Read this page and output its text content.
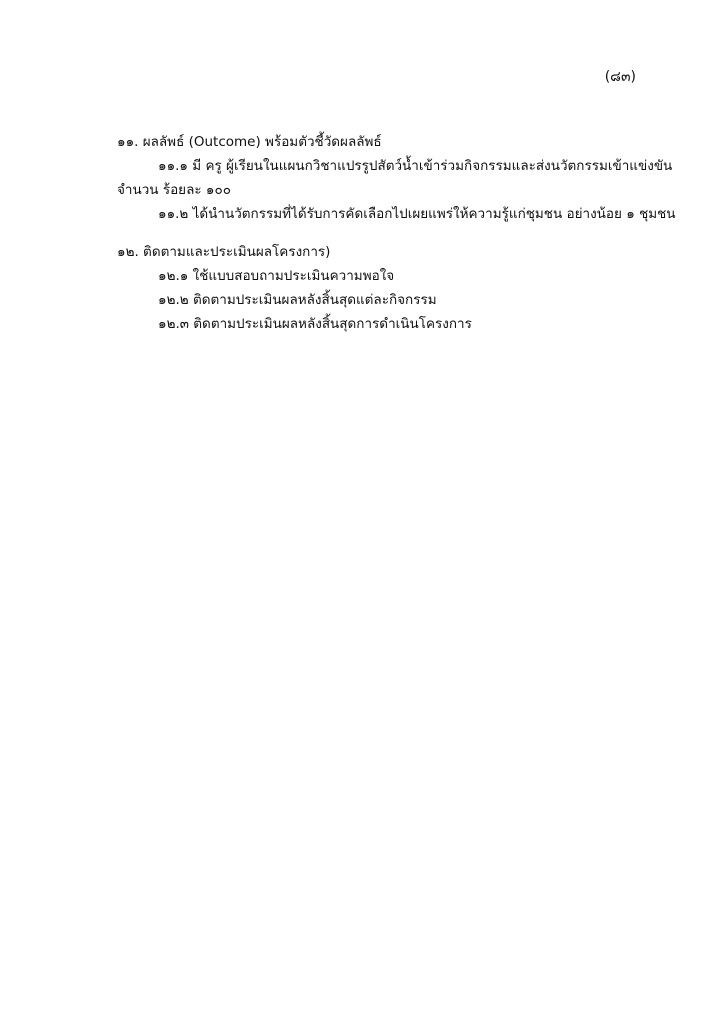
(๘๓)
๑๑. ผลลัพธ์ (Outcome) พร้อมตัวชี้วัดผลลัพธ์
๑๑.๑ มี ครู ผู้เรียนในแผนกวิชาแปรรูปสัตว์น้ำเข้าร่วมกิจกรรมและส่งนวัตกรรมเข้าแข่งขัน
จำนวน ร้อยละ ๑๐๐
๑๑.๒ ได้นำนวัตกรรมที่ได้รับการคัดเลือกไปเผยแพร่ให้ความรู้แก่ชุมชน อย่างน้อย ๑ ชุมชน
๑๒. ติดตามและประเมินผลโครงการ)
๑๒.๑ ใช้แบบสอบถามประเมินความพอใจ
๑๒.๒ ติดตามประเมินผลหลังสิ้นสุดแต่ละกิจกรรม
๑๒.๓ ติดตามประเมินผลหลังสิ้นสุดการดำเนินโครงการ
